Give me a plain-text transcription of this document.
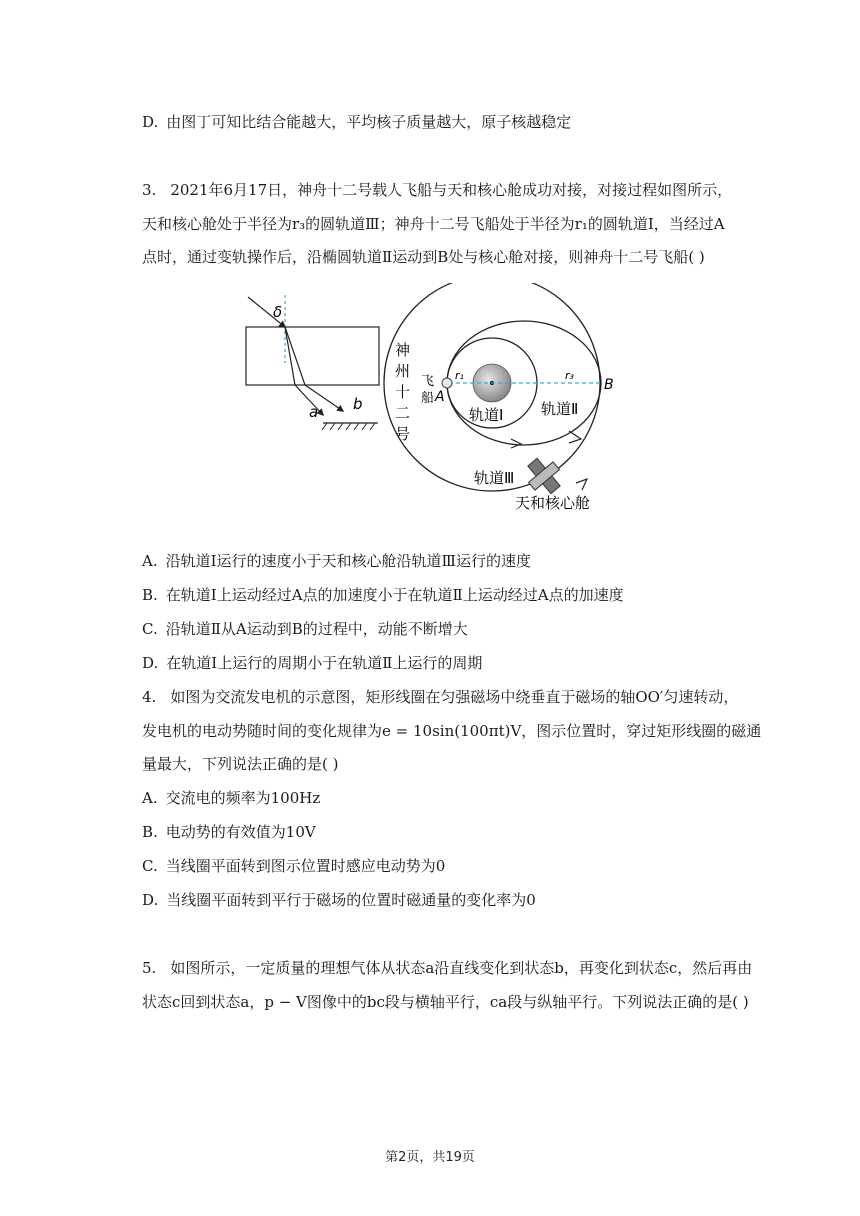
D. 由图丁可知比结合能越大，平均核子质量越大，原子核越稳定
3. 2021年6月17日，神舟十二号载人飞船与天和核心舱成功对接，对接过程如图所示，
天和核心舱处于半径为r₃的圆轨道Ⅲ；神舟十二号飞船处于半径为r₁的圆轨道Ⅰ，当经过A
点时，通过变轨操作后，沿椭圆轨道Ⅱ运动到B处与核心舱对接，则神舟十二号飞船( )
δ
a b
神
州
十
二
号
飞
船 A
B
r₁	r₃
轨道Ⅰ	轨道Ⅱ
轨道Ⅲ
天和核心舱
A. 沿轨道Ⅰ运行的速度小于天和核心舱沿轨道Ⅲ运行的速度
B. 在轨道Ⅰ上运动经过A点的加速度小于在轨道Ⅱ上运动经过A点的加速度
C. 沿轨道Ⅱ从A运动到B的过程中，动能不断增大
D. 在轨道Ⅰ上运行的周期小于在轨道Ⅱ上运行的周期
4. 如图为交流发电机的示意图，矩形线圈在匀强磁场中绕垂直于磁场的轴OO′匀速转动，
发电机的电动势随时间的变化规律为e = 10sin(100πt)V，图示位置时，穿过矩形线圈的磁通
量最大，下列说法正确的是( )
A. 交流电的频率为100Hz
B. 电动势的有效值为10V
C. 当线圈平面转到图示位置时感应电动势为0
D. 当线圈平面转到平行于磁场的位置时磁通量的变化率为0
5. 如图所示，一定质量的理想气体从状态a沿直线变化到状态b，再变化到状态c，然后再由
状态c回到状态a，p − V图像中的bc段与横轴平行，ca段与纵轴平行。下列说法正确的是( )
第2页，共19页
